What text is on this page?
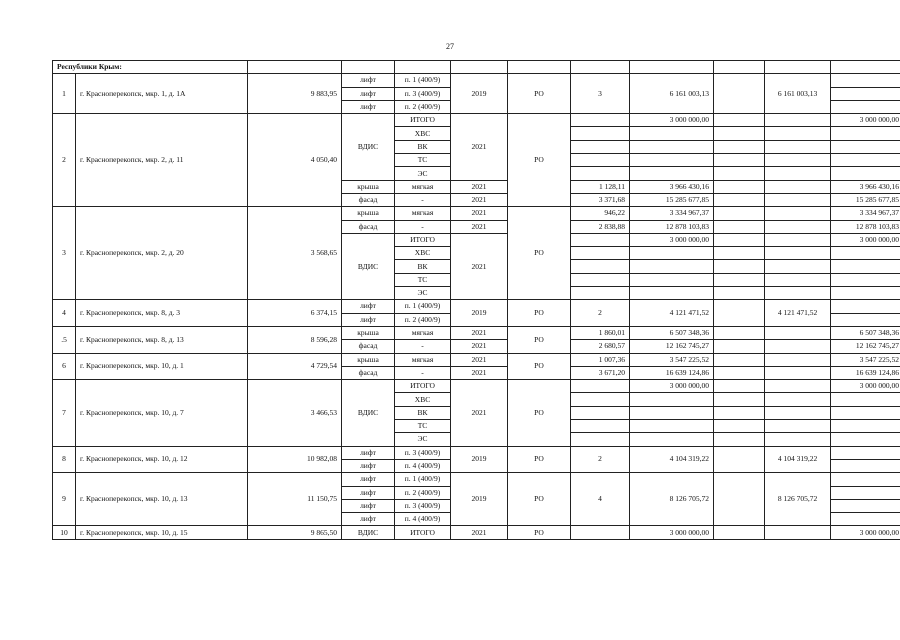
27
Республики Крым:											
1	г. Красноперекопск, мкр. 1, д. 1А	9 883,95	лифт	п. 1 (400/9)	2019	РО	3	6 161 003,13		6 161 003,13	
			лифт	п. 3 (400/9)							
			лифт	п. 2 (400/9)							
2	г. Красноперекопск, мкр. 2, д. 11	4 050,40	ВДИС	ИТОГО	2021	РО		3 000 000,00			3 000 000,00
				ХВС							
				ВК							
				ТС							
				ЭС							
			крыша	мягкая	2021		1 128,11	3 966 430,16			3 966 430,16
			фасад	-	2021		3 371,68	15 285 677,85			15 285 677,85
3	г. Красноперекопск, мкр. 2, д. 20	3 568,65	крыша	мягкая	2021	РО	946,22	3 334 967,37			3 334 967,37
			фасад	-	2021		2 838,88	12 878 103,83			12 878 103,83
			ВДИС	ИТОГО	2021			3 000 000,00			3 000 000,00
				ХВС							
				ВК							
				ТС							
				ЭС							
4	г. Красноперекопск, мкр. 8, д. 3	6 374,15	лифт	п. 1 (400/9)	2019	РО	2	4 121 471,52		4 121 471,52	
			лифт	п. 2 (400/9)							
.5	г. Красноперекопск, мкр. 8, д. 13	8 596,28	крыша	мягкая	2021	РО	1 860,01	6 507 348,36			6 507 348,36
			фасад	-	2021		2 680,57	12 162 745,27			12 162 745,27
6	г. Красноперекопск, мкр. 10, д. 1	4 729,54	крыша	мягкая	2021	РО	1 007,36	3 547 225,52			3 547 225,52
			фасад	-	2021		3 671,20	16 639 124,86			16 639 124,86
7	г. Красноперекопск, мкр. 10, д. 7	3 466,53	ВДИС	ИТОГО	2021	РО		3 000 000,00			3 000 000,00
				ХВС							
				ВК							
				ТС							
				ЭС							
8	г. Красноперекопск, мкр. 10, д. 12	10 982,08	лифт	п. 3 (400/9)	2019	РО	2	4 104 319,22		4 104 319,22	
			лифт	п. 4 (400/9)							
9	г. Красноперекопск, мкр. 10, д. 13	11 150,75	лифт	п. 1 (400/9)	2019	РО	4	8 126 705,72		8 126 705,72	
			лифт	п. 2 (400/9)							
			лифт	п. 3 (400/9)							
			лифт	п. 4 (400/9)							
10	г. Красноперекопск, мкр. 10, д. 15	9 865,50	ВДИС	ИТОГО	2021	РО		3 000 000,00			3 000 000,00
